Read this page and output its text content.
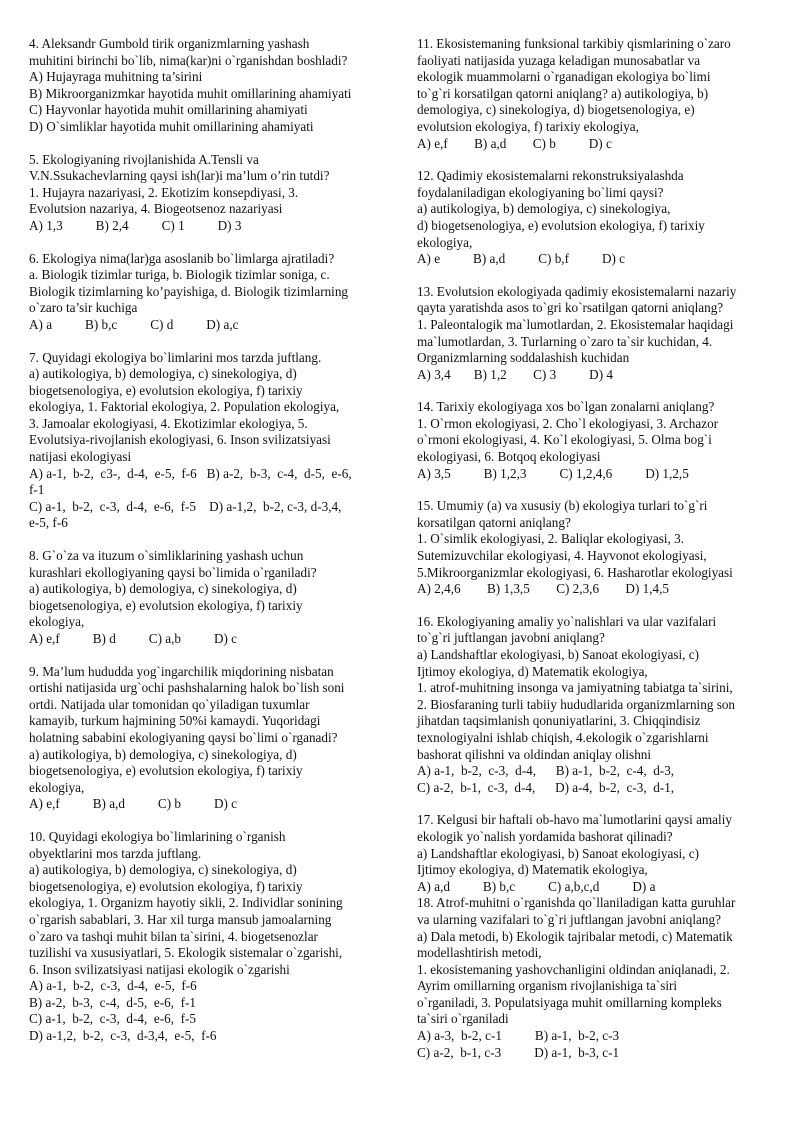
4. Aleksandr Gumbold tirik organizmlarning yashash
muhitini birinchi bo`lib, nima(kar)ni o`rganishdan boshladi?
A) Hujayraga muhitning ta’sirini
B) Mikroorganizmkar hayotida muhit omillarining ahamiyati
C) Hayvonlar hayotida muhit omillarining ahamiyati
D) O`simliklar hayotida muhit omillarining ahamiyati
5. Ekologiyaning rivojlanishida A.Tensli va
V.N.Ssukachevlarning qaysi ish(lar)i ma’lum o’rin tutdi?
1. Hujayra nazariyasi, 2. Ekotizim konsepdiyasi, 3.
Evolutsion nazariya, 4. Biogeotsenoz nazariyasi
A) 1,3          B) 2,4          C) 1          D) 3
6. Ekologiya nima(lar)ga asoslanib bo`limlarga ajratiladi?
a. Biologik tizimlar turiga, b. Biologik tizimlar soniga, c.
Biologik tizimlarning ko’payishiga, d. Biologik tizimlarning
o`zaro ta’sir kuchiga
A) a          B) b,c          C) d          D) a,c
7. Quyidagi ekologiya bo`limlarini mos tarzda juftlang.
a) autikologiya, b) demologiya, c) sinekologiya, d)
biogetsenologiya, e) evolutsion ekologiya, f) tarixiy
ekologiya, 1. Faktorial ekologiya, 2. Population ekologiya,
3. Jamoalar ekologiyasi, 4. Ekotizimlar ekologiya, 5.
Evolutsiya-rivojlanish ekologiyasi, 6. Inson svilizatsiyasi
natijasi ekologiyasi
A) a-1,  b-2,  c3-,  d-4,  e-5,  f-6   B) a-2,  b-3,  c-4,  d-5,  e-6,
f-1
C) a-1,  b-2,  c-3,  d-4,  e-6,  f-5    D) a-1,2,  b-2, c-3, d-3,4,
e-5, f-6
8. G`o`za va ituzum o`simliklarining yashash uchun
kurashlari ekollogiyaning qaysi bo`limida o`rganiladi?
a) autikologiya, b) demologiya, c) sinekologiya, d)
biogetsenologiya, e) evolutsion ekologiya, f) tarixiy
ekologiya,
A) e,f          B) d          C) a,b          D) c
9. Ma’lum hududda yog`ingarchilik miqdorining nisbatan
ortishi natijasida urg`ochi pashshalarning halok bo`lish soni
ortdi. Natijada ular tomonidan qo`yiladigan tuxumlar
kamayib, turkum hajmining 50%i kamaydi. Yuqoridagi
holatning sababini ekologiyaning qaysi bo`limi o`rganadi?
a) autikologiya, b) demologiya, c) sinekologiya, d)
biogetsenologiya, e) evolutsion ekologiya, f) tarixiy
ekologiya,
A) e,f          B) a,d          C) b          D) c
10. Quyidagi ekologiya bo`limlarining o`rganish
obyektlarini mos tarzda juftlang.
a) autikologiya, b) demologiya, c) sinekologiya, d)
biogetsenologiya, e) evolutsion ekologiya, f) tarixiy
ekologiya, 1. Organizm hayotiy sikli, 2. Individlar sonining
o`rgarish sabablari, 3. Har xil turga mansub jamoalarning
o`zaro va tashqi muhit bilan ta`sirini, 4. biogetsenozlar
tuzilishi va xususiyatlari, 5. Ekologik sistemalar o`zgarishi,
6. Inson svilizatsiyasi natijasi ekologik o`zgarishi
A) a-1,  b-2,  c-3,  d-4,  e-5,  f-6
B) a-2,  b-3,  c-4,  d-5,  e-6,  f-1
C) a-1,  b-2,  c-3,  d-4,  e-6,  f-5
D) a-1,2,  b-2,  c-3,  d-3,4,  e-5,  f-6
11. Ekosistemaning funksional tarkibiy qismlarining o`zaro
faoliyati natijasida yuzaga keladigan munosabatlar va
ekologik muammolarni o`rganadigan ekologiya bo`limi
to`g`ri korsatilgan qatorni aniqlang? a) autikologiya, b)
demologiya, c) sinekologiya, d) biogetsenologiya, e)
evolutsion ekologiya, f) tarixiy ekologiya,
A) e,f        B) a,d        C) b          D) c
12. Qadimiy ekosistemalarni rekonstruksiyalashda
foydalaniladigan ekologiyaning bo`limi qaysi?
a) autikologiya, b) demologiya, c) sinekologiya,
d) biogetsenologiya, e) evolutsion ekologiya, f) tarixiy
ekologiya,
A) e          B) a,d          C) b,f          D) c
13. Evolutsion ekologiyada qadimiy ekosistemalarni nazariy
qayta yaratishda asos to`gri ko`rsatilgan qatorni aniqlang?
1. Paleontalogik ma`lumotlardan, 2. Ekosistemalar haqidagi
ma`lumotlardan, 3. Turlarning o`zaro ta`sir kuchidan, 4.
Organizmlarning soddalashish kuchidan
A) 3,4       B) 1,2        C) 3          D) 4
14. Tarixiy ekologiyaga xos bo`lgan zonalarni aniqlang?
1. O`rmon ekologiyasi, 2. Cho`l ekologiyasi, 3. Archazor
o`rmoni ekologiyasi, 4. Ko`l ekologiyasi, 5. Olma bog`i
ekologiyasi, 6. Botqoq ekologiyasi
A) 3,5          B) 1,2,3          C) 1,2,4,6          D) 1,2,5
15. Umumiy (a) va xususiy (b) ekologiya turlari to`g`ri
korsatilgan qatorni aniqlang?
1. O`simlik ekologiyasi, 2. Baliqlar ekologiyasi, 3.
Sutemizuvchilar ekologiyasi, 4. Hayvonot ekologiyasi,
5.Mikroorganizmlar ekologiyasi, 6. Hasharotlar ekologiyasi
A) 2,4,6        B) 1,3,5        C) 2,3,6        D) 1,4,5
16. Ekologiyaning amaliy yo`nalishlari va ular vazifalari
to`g`ri juftlangan javobni aniqlang?
a) Landshaftlar ekologiyasi, b) Sanoat ekologiyasi, c)
Ijtimoy ekologiya, d) Matematik ekologiya,
1. atrof-muhitning insonga va jamiyatning tabiatga ta`sirini,
2. Biosfaraning turli tabiiy hududlarida organizmlarning son
jihatdan taqsimlanish qonuniyatlarini, 3. Chiqqindisiz
texnologiyalni ishlab chiqish, 4.ekologik o`zgarishlarni
bashorat qilishni va oldindan aniqlay olishni
A) a-1,  b-2,  c-3,  d-4,      B) a-1,  b-2,  c-4,  d-3,
C) a-2,  b-1,  c-3,  d-4,      D) a-4,  b-2,  c-3,  d-1,
17. Kelgusi bir haftali ob-havo ma`lumotlarini qaysi amaliy
ekologik yo`nalish yordamida bashorat qilinadi?
a) Landshaftlar ekologiyasi, b) Sanoat ekologiyasi, c)
Ijtimoy ekologiya, d) Matematik ekologiya,
A) a,d          B) b,c          C) a,b,c,d          D) a
18. Atrof-muhitni o`rganishda qo`llaniladigan katta guruhlar
va ularning vazifalari to`g`ri juftlangan javobni aniqlang?
a) Dala metodi, b) Ekologik tajribalar metodi, c) Matematik
modellashtirish metodi,
1. ekosistemaning yashovchanligini oldindan aniqlanadi, 2.
Ayrim omillarning organism rivojlanishiga ta`siri
o`rganiladi, 3. Populatsiyaga muhit omillarning kompleks
ta`siri o`rganiladi
A) a-3,  b-2, c-1          B) a-1,  b-2, c-3
C) a-2,  b-1, c-3          D) a-1,  b-3, c-1
